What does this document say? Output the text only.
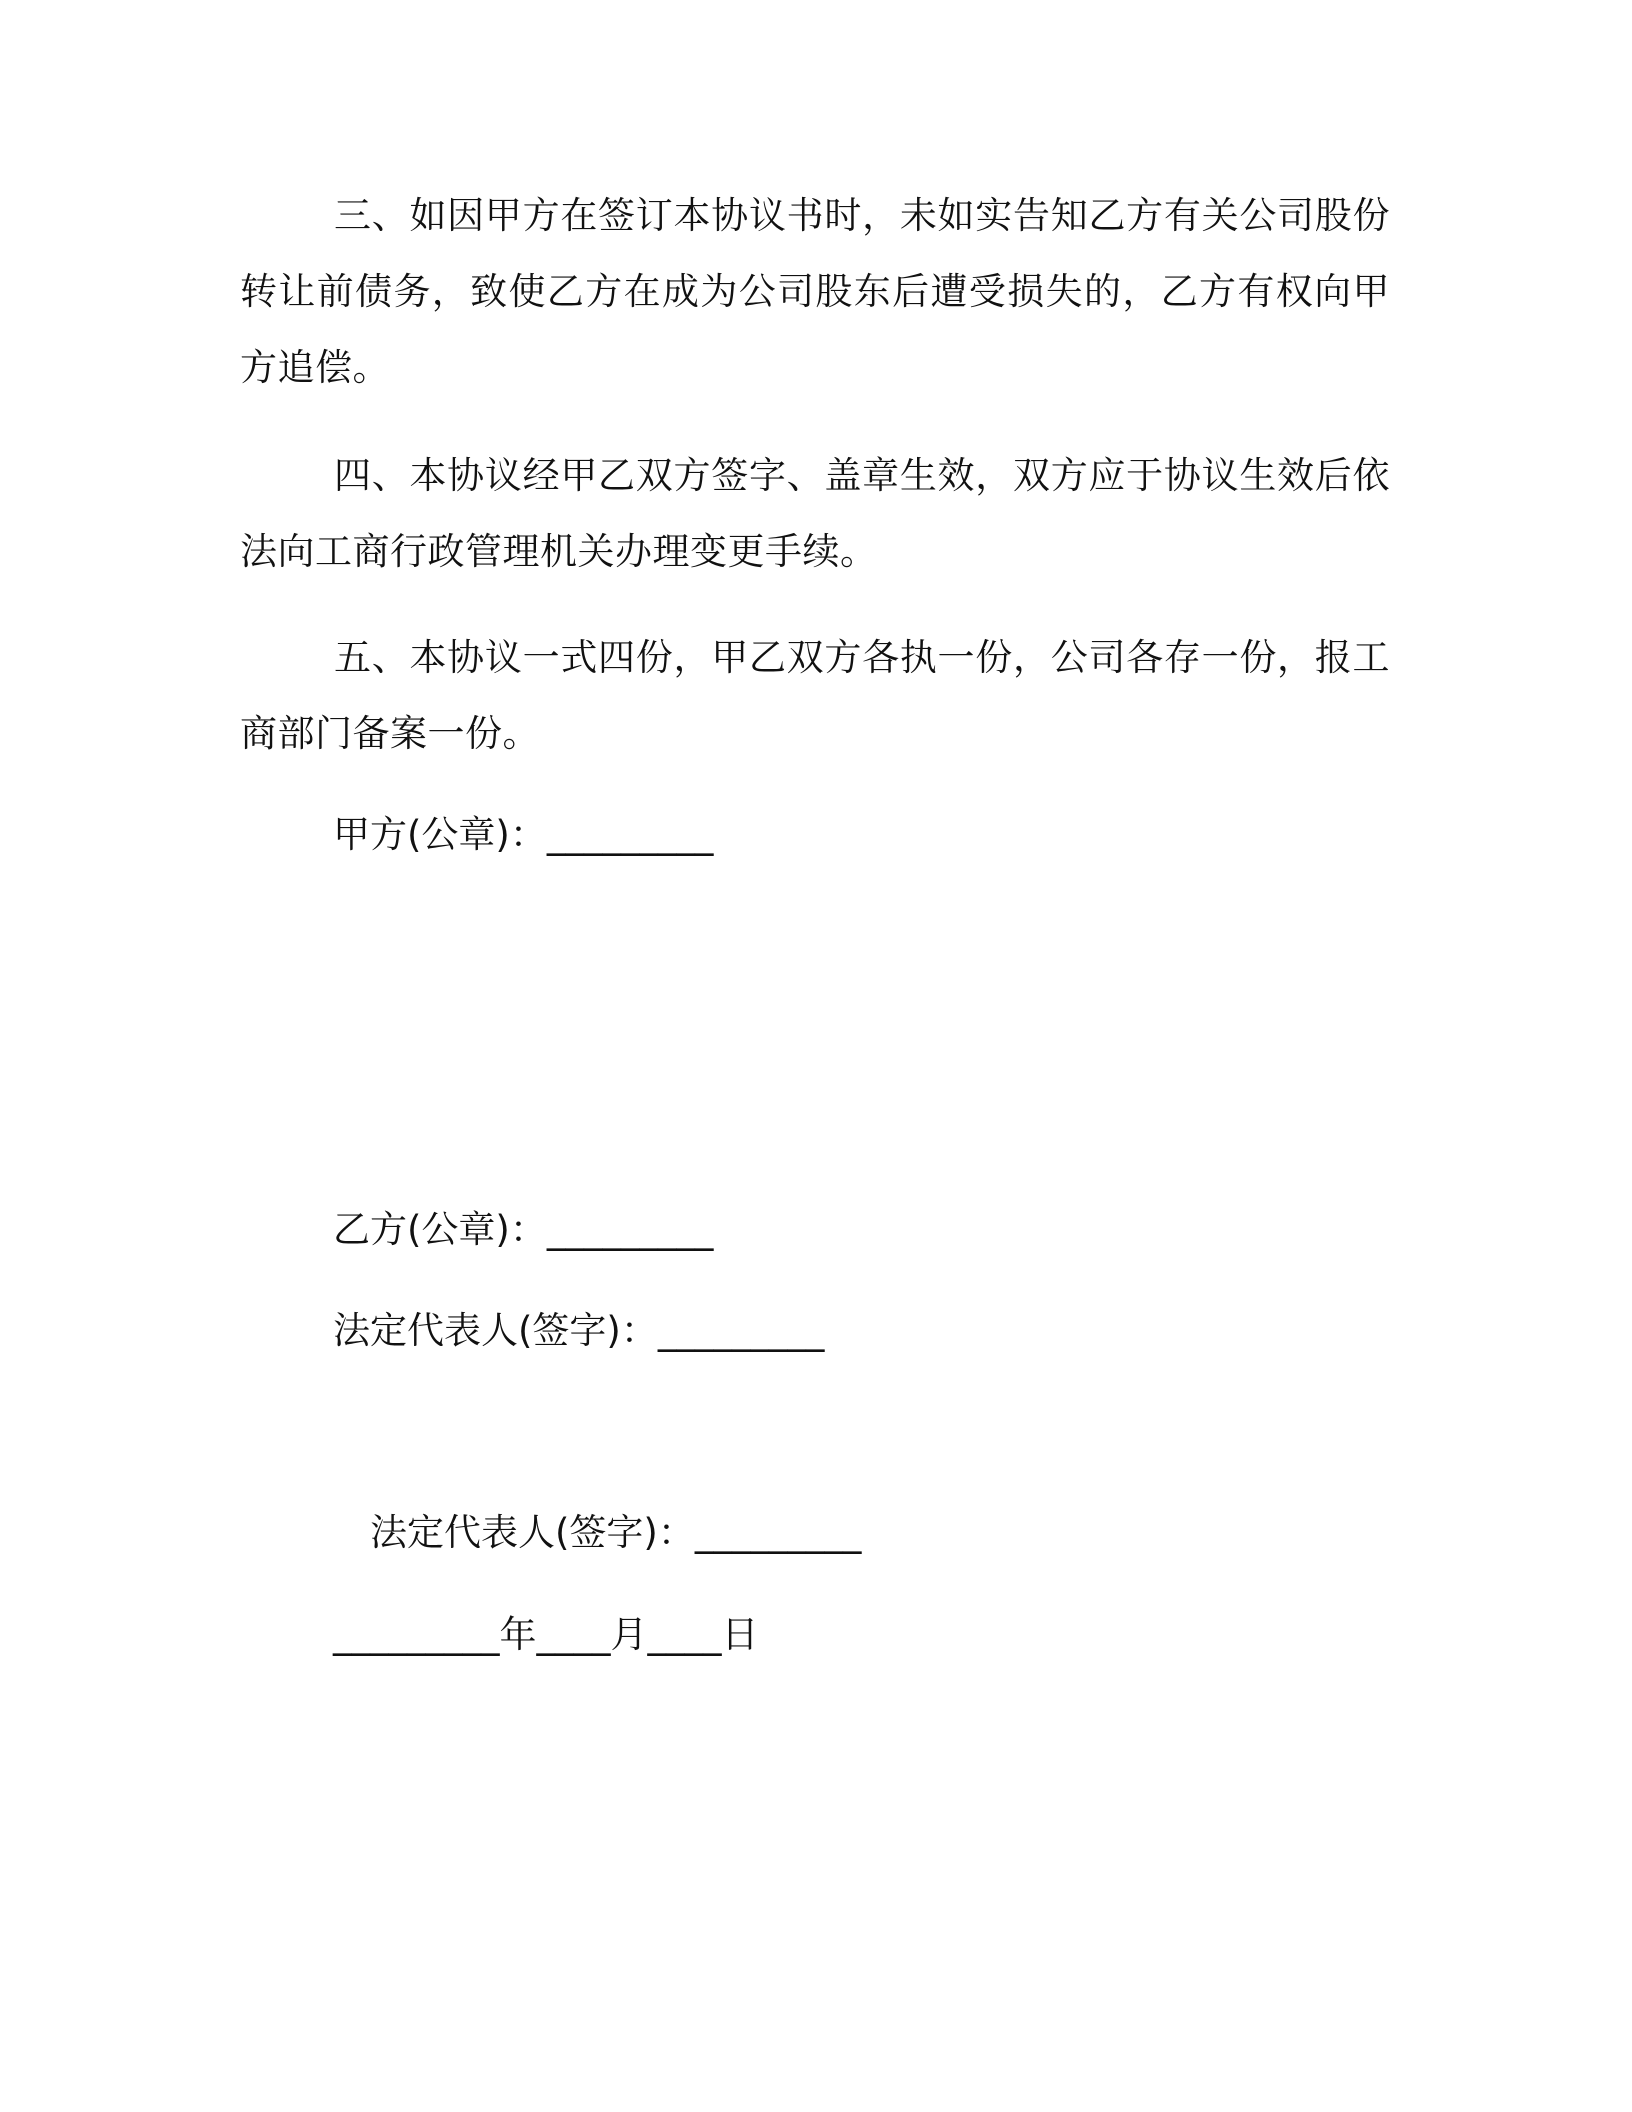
三、如因甲方在签订本协议书时，未如实告知乙方有关公司股份转让前债务，致使乙方在成为公司股东后遭受损失的，乙方有权向甲方追偿。

四、本协议经甲乙双方签字、盖章生效，双方应于协议生效后依法向工商行政管理机关办理变更手续。

五、本协议一式四份，甲乙双方各执一份，公司各存一份，报工商部门备案一份。

甲方(公章)：_________

乙方(公章)：_________

法定代表人(签字)：_________

法定代表人(签字)：_________

_________年____月____日
